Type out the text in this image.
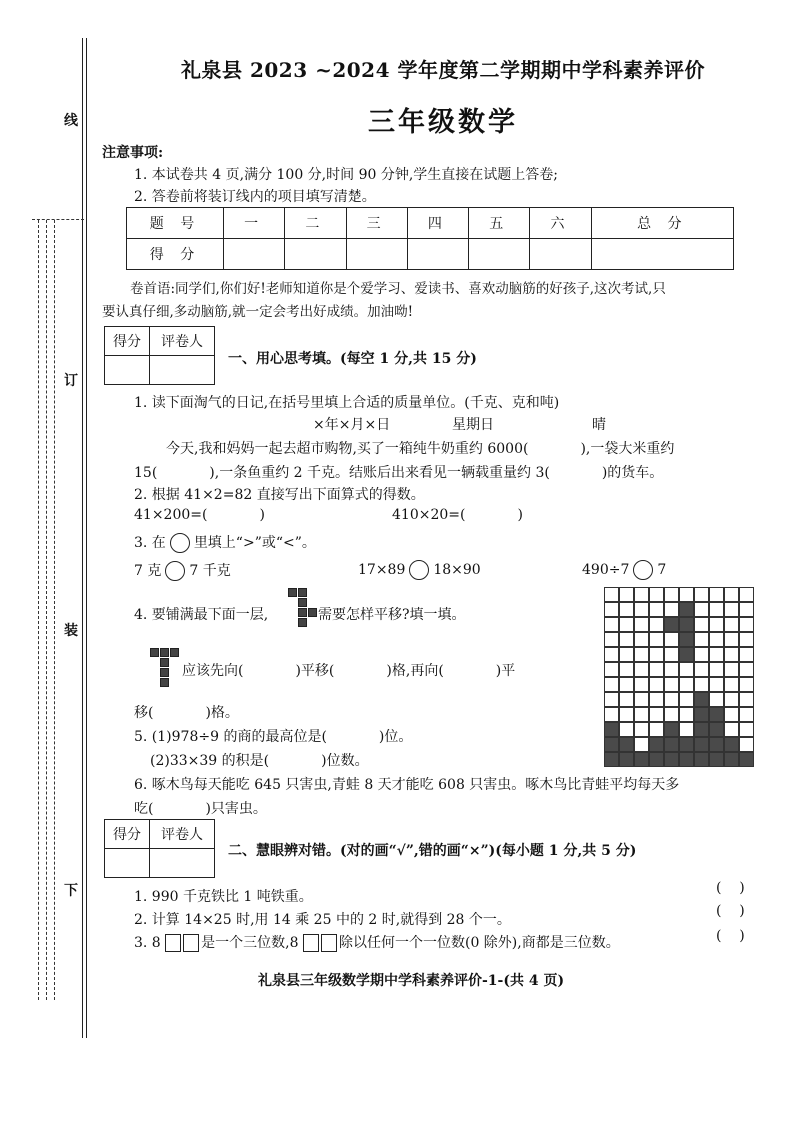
线
订
装
下
礼泉县 2023 ~2024 学年度第二学期期中学科素养评价
三年级数学
注意事项:
1. 本试卷共 4 页,满分 100 分,时间 90 分钟,学生直接在试题上答卷;
2. 答卷前将装订线内的项目填写清楚。
题 号	一	二	三	四	五	六	总 分
得 分							
卷首语:同学们,你们好!老师知道你是个爱学习、爱读书、喜欢动脑筋的好孩子,这次考试,只
要认真仔细,多动脑筋,就一定会考出好成绩。加油呦!
得分	评卷人

一、用心思考填。(每空 1 分,共 15 分)
1. 读下面淘气的日记,在括号里填上合适的质量单位。(千克、克和吨)
×年×月×日	星期日	晴
今天,我和妈妈一起去超市购物,买了一箱纯牛奶重约 6000(	),一袋大米重约
15(	),一条鱼重约 2 千克。结账后出来看见一辆载重量约 3(	)的货车。
2. 根据 41×2=82 直接写出下面算式的得数。
41×200=(	)	410×20=(	)
3. 在 里填上“>”或“<”。
7 克 7 千克	17×89 18×90	490÷7 7
4. 要铺满最下面一层,	需要怎样平移?填一填。
应该先向(	)平移(	)格,再向(	)平
移(	)格。
5. (1)978÷9 的商的最高位是(	)位。
(2)33×39 的积是(	)位数。
6. 啄木鸟每天能吃 645 只害虫,青蛙 8 天才能吃 608 只害虫。啄木鸟比青蛙平均每天多
吃(	)只害虫。
得分	评卷人

二、慧眼辨对错。(对的画“√”,错的画“×”)(每小题 1 分,共 5 分)
1. 990 千克铁比 1 吨铁重。
(    )
2. 计算 14×25 时,用 14 乘 25 中的 2 时,就得到 28 个一。
(    )
3. 8	是一个三位数,8	除以任何一个一位数(0 除外),商都是三位数。	(    )
礼泉县三年级数学期中学科素养评价-1-(共 4 页)
